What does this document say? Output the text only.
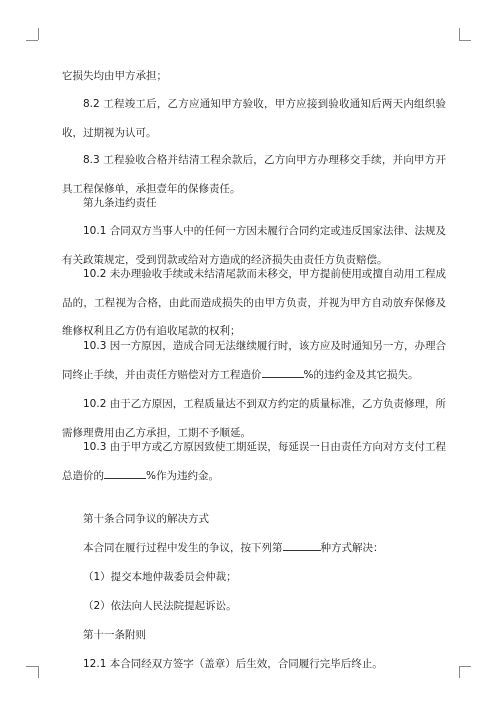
它损失均由甲方承担；
8.2 工程竣工后，乙方应通知甲方验收，甲方应接到验收通知后两天内组织验收，过期视为认可。
8.3 工程验收合格并结清工程余款后，乙方向甲方办理移交手续，并向甲方开具工程保修单，承担壹年的保修责任。
第九条违约责任
10.1 合同双方当事人中的任何一方因未履行合同约定或违反国家法律、法规及有关政策规定，受到罚款或给对方造成的经济损失由责任方负责赔偿。
10.2 未办理验收手续或未结清尾款而未移交，甲方提前使用或擅自动用工程成品的，工程视为合格，由此而造成损失的由甲方负责，并视为甲方自动放弃保修及维修权利且乙方仍有追收尾款的权利；
10.3 因一方原因，造成合同无法继续履行时，该方应及时通知另一方，办理合同终止手续，并由责任方赔偿对方工程造价	%的违约金及其它损失。
10.2 由于乙方原因，工程质量达不到双方约定的质量标准，乙方负责修理，所需修理费用由乙方承担，工期不予顺延。
10.3 由于甲方或乙方原因致使工期延误，每延误一日由责任方向对方支付工程总造价的	%作为违约金。
第十条合同争议的解决方式
本合同在履行过程中发生的争议，按下列第	种方式解决：
（1）提交本地仲裁委员会仲裁；
（2）依法向人民法院提起诉讼。
第十一条附则
12.1 本合同经双方签字（盖章）后生效，合同履行完毕后终止。
